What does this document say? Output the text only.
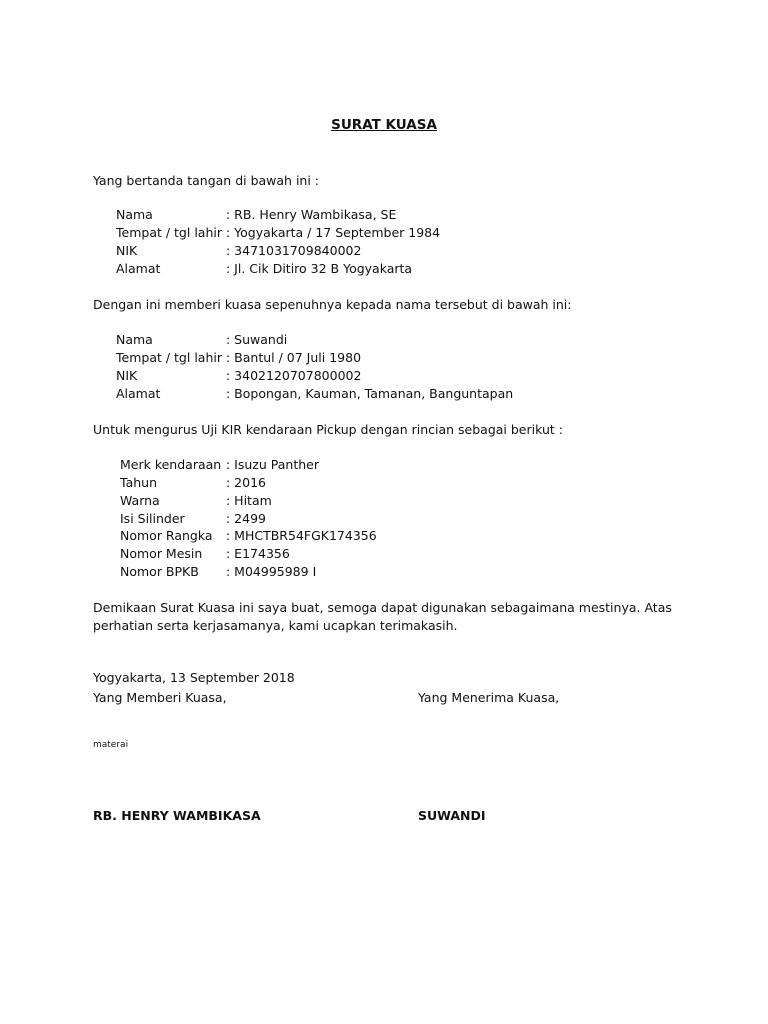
SURAT KUASA
Yang bertanda tangan di bawah ini :
Nama	: RB. Henry Wambikasa, SE
Tempat / tgl lahir : Yogyakarta / 17 September 1984
NIK	: 3471031709840002
Alamat	: Jl. Cik Ditiro 32 B Yogyakarta
Dengan ini memberi kuasa sepenuhnya kepada nama tersebut di bawah ini:
Nama	: Suwandi
Tempat / tgl lahir : Bantul / 07 Juli 1980
NIK	: 3402120707800002
Alamat	: Bopongan, Kauman, Tamanan, Banguntapan
Untuk mengurus Uji KIR kendaraan Pickup dengan rincian sebagai berikut :
Merk kendaraan : Isuzu Panther
Tahun	: 2016
Warna	: Hitam
Isi Silinder	: 2499
Nomor Rangka : MHCTBR54FGK174356
Nomor Mesin : E174356
Nomor BPKB : M04995989 I
Demikaan Surat Kuasa ini saya buat, semoga dapat digunakan sebagaimana mestinya. Atas
perhatian serta kerjasamanya, kami ucapkan terimakasih.
Yogyakarta, 13 September 2018
Yang Memberi Kuasa,	Yang Menerima Kuasa,
materai
RB. HENRY WAMBIKASA	SUWANDI
